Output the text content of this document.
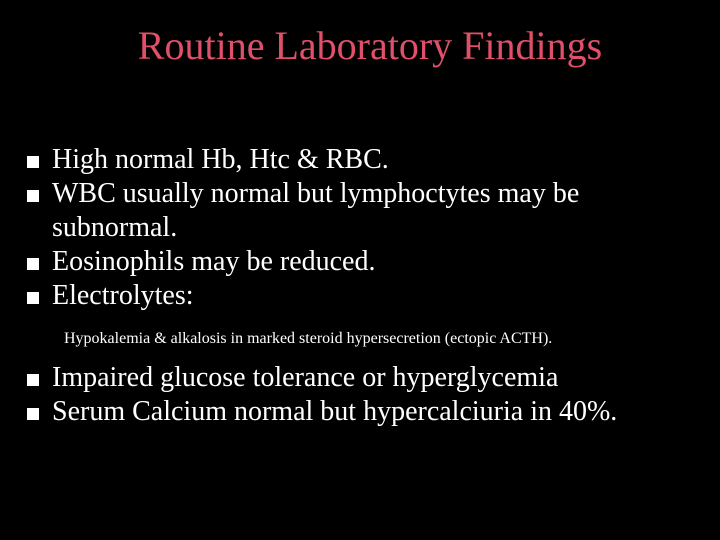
Routine Laboratory Findings
High normal Hb, Htc & RBC.
WBC usually normal but lymphoctytes may be subnormal.
Eosinophils may be reduced.
Electrolytes:
Hypokalemia & alkalosis in marked steroid hypersecretion (ectopic ACTH).
Impaired glucose tolerance or hyperglycemia
Serum Calcium normal but hypercalciuria in 40%.
